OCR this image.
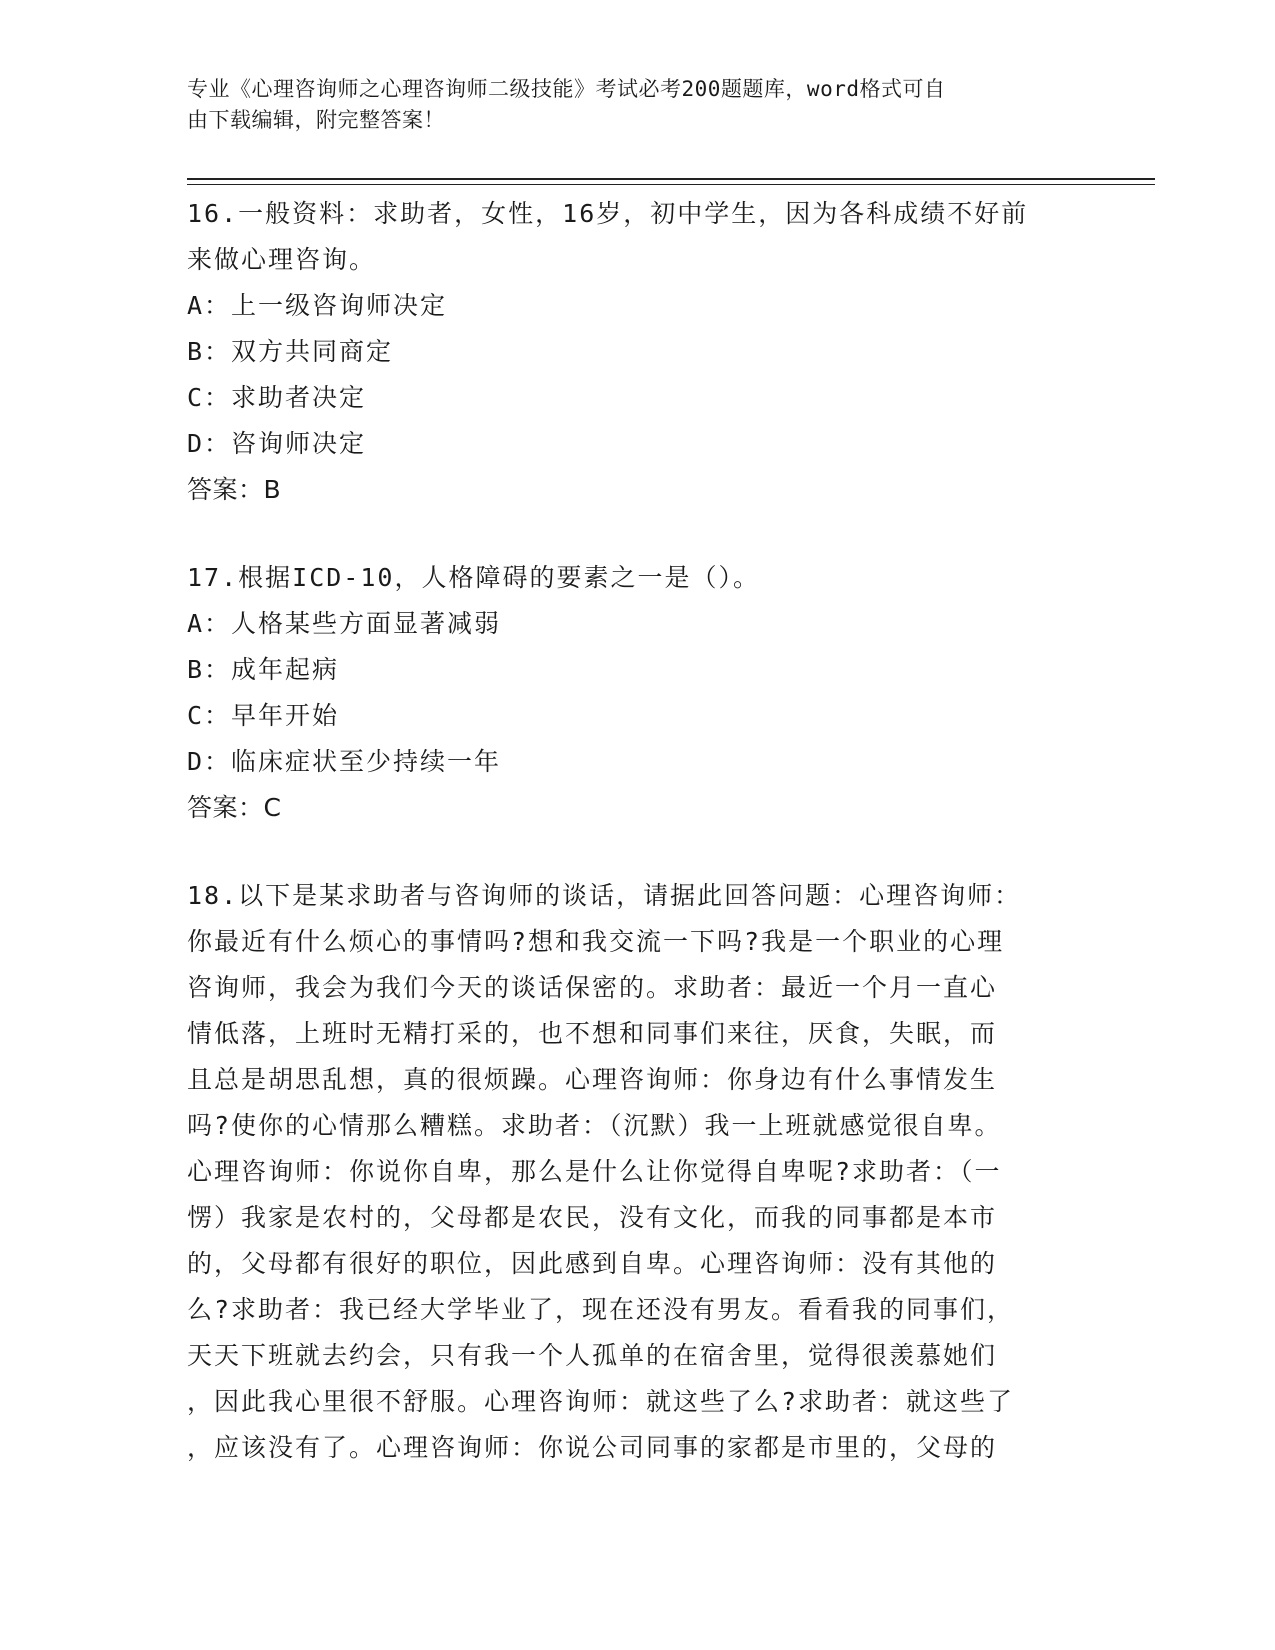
专业《心理咨询师之心理咨询师二级技能》考试必考200题题库，word格式可自
由下载编辑，附完整答案！
16.一般资料：求助者，女性，16岁，初中学生，因为各科成绩不好前
来做心理咨询。
A：上一级咨询师决定
B：双方共同商定
C：求助者决定
D：咨询师决定
答案：B
17.根据ICD-10，人格障碍的要素之一是（）。
A：人格某些方面显著减弱
B：成年起病
C：早年开始
D：临床症状至少持续一年
答案：C
18.以下是某求助者与咨询师的谈话，请据此回答问题：心理咨询师：
你最近有什么烦心的事情吗?想和我交流一下吗?我是一个职业的心理
咨询师，我会为我们今天的谈话保密的。求助者：最近一个月一直心
情低落，上班时无精打采的，也不想和同事们来往，厌食，失眠，而
且总是胡思乱想，真的很烦躁。心理咨询师：你身边有什么事情发生
吗?使你的心情那么糟糕。求助者：（沉默）我一上班就感觉很自卑。
心理咨询师：你说你自卑，那么是什么让你觉得自卑呢?求助者：（一
愣）我家是农村的，父母都是农民，没有文化，而我的同事都是本市
的，父母都有很好的职位，因此感到自卑。心理咨询师：没有其他的
么?求助者：我已经大学毕业了，现在还没有男友。看看我的同事们，
天天下班就去约会，只有我一个人孤单的在宿舍里，觉得很羡慕她们
，因此我心里很不舒服。心理咨询师：就这些了么?求助者：就这些了
，应该没有了。心理咨询师：你说公司同事的家都是市里的，父母的
